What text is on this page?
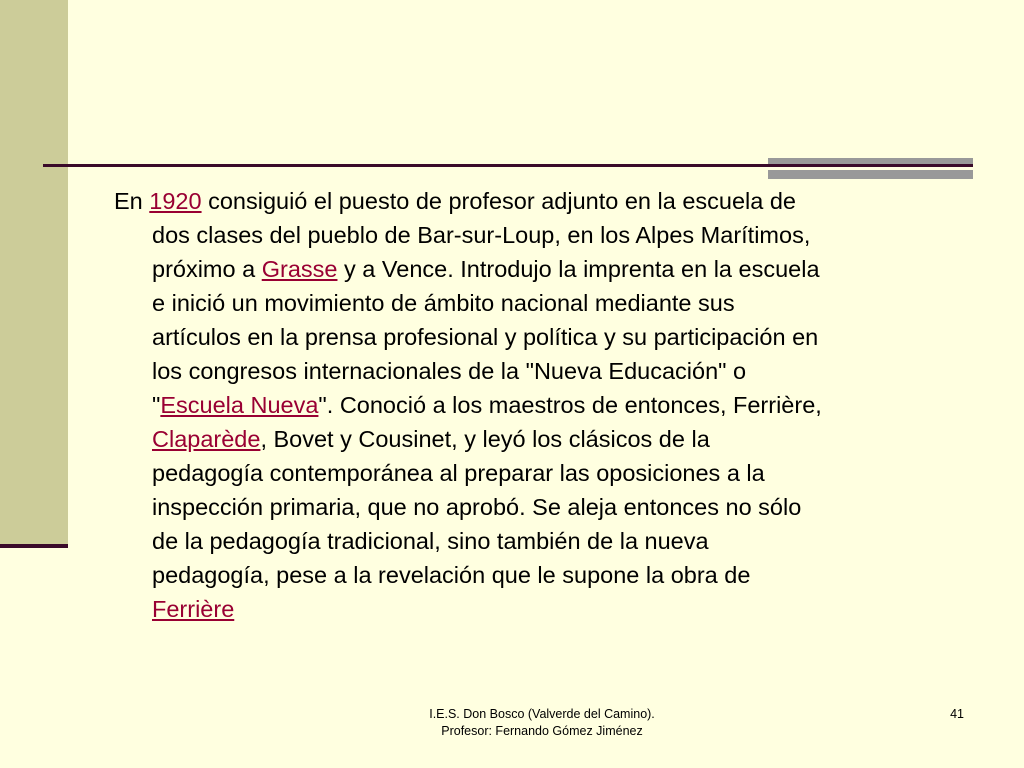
En 1920 consiguió el puesto de profesor adjunto en la escuela de
dos clases del pueblo de Bar-sur-Loup, en los Alpes Marítimos,
próximo a Grasse y a Vence. Introdujo la imprenta en la escuela
e inició un movimiento de ámbito nacional mediante sus
artículos en la prensa profesional y política y su participación en
los congresos internacionales de la "Nueva Educación" o
"Escuela Nueva". Conoció a los maestros de entonces, Ferrière,
Claparède, Bovet y Cousinet, y leyó los clásicos de la
pedagogía contemporánea al preparar las oposiciones a la
inspección primaria, que no aprobó. Se aleja entonces no sólo
de la pedagogía tradicional, sino también de la nueva
pedagogía, pese a la revelación que le supone la obra de
Ferrière
I.E.S. Don Bosco (Valverde del Camino).
Profesor: Fernando Gómez Jiménez
41
